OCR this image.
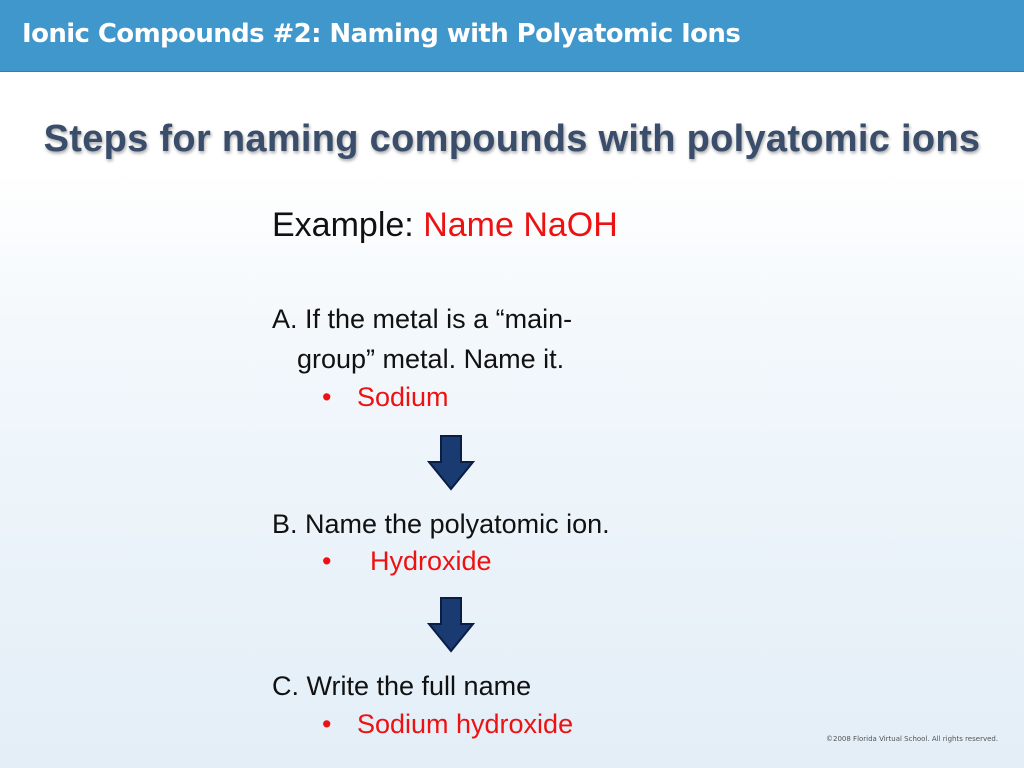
Ionic Compounds #2: Naming with Polyatomic Ions
Steps for naming compounds with polyatomic ions
Example: Name NaOH
A. If the metal is a “main-
group” metal. Name it.
• Sodium
B. Name the polyatomic ion.
• Hydroxide
C. Write the full name
• Sodium hydroxide	©2008 Florida Virtual School. All rights reserved.
